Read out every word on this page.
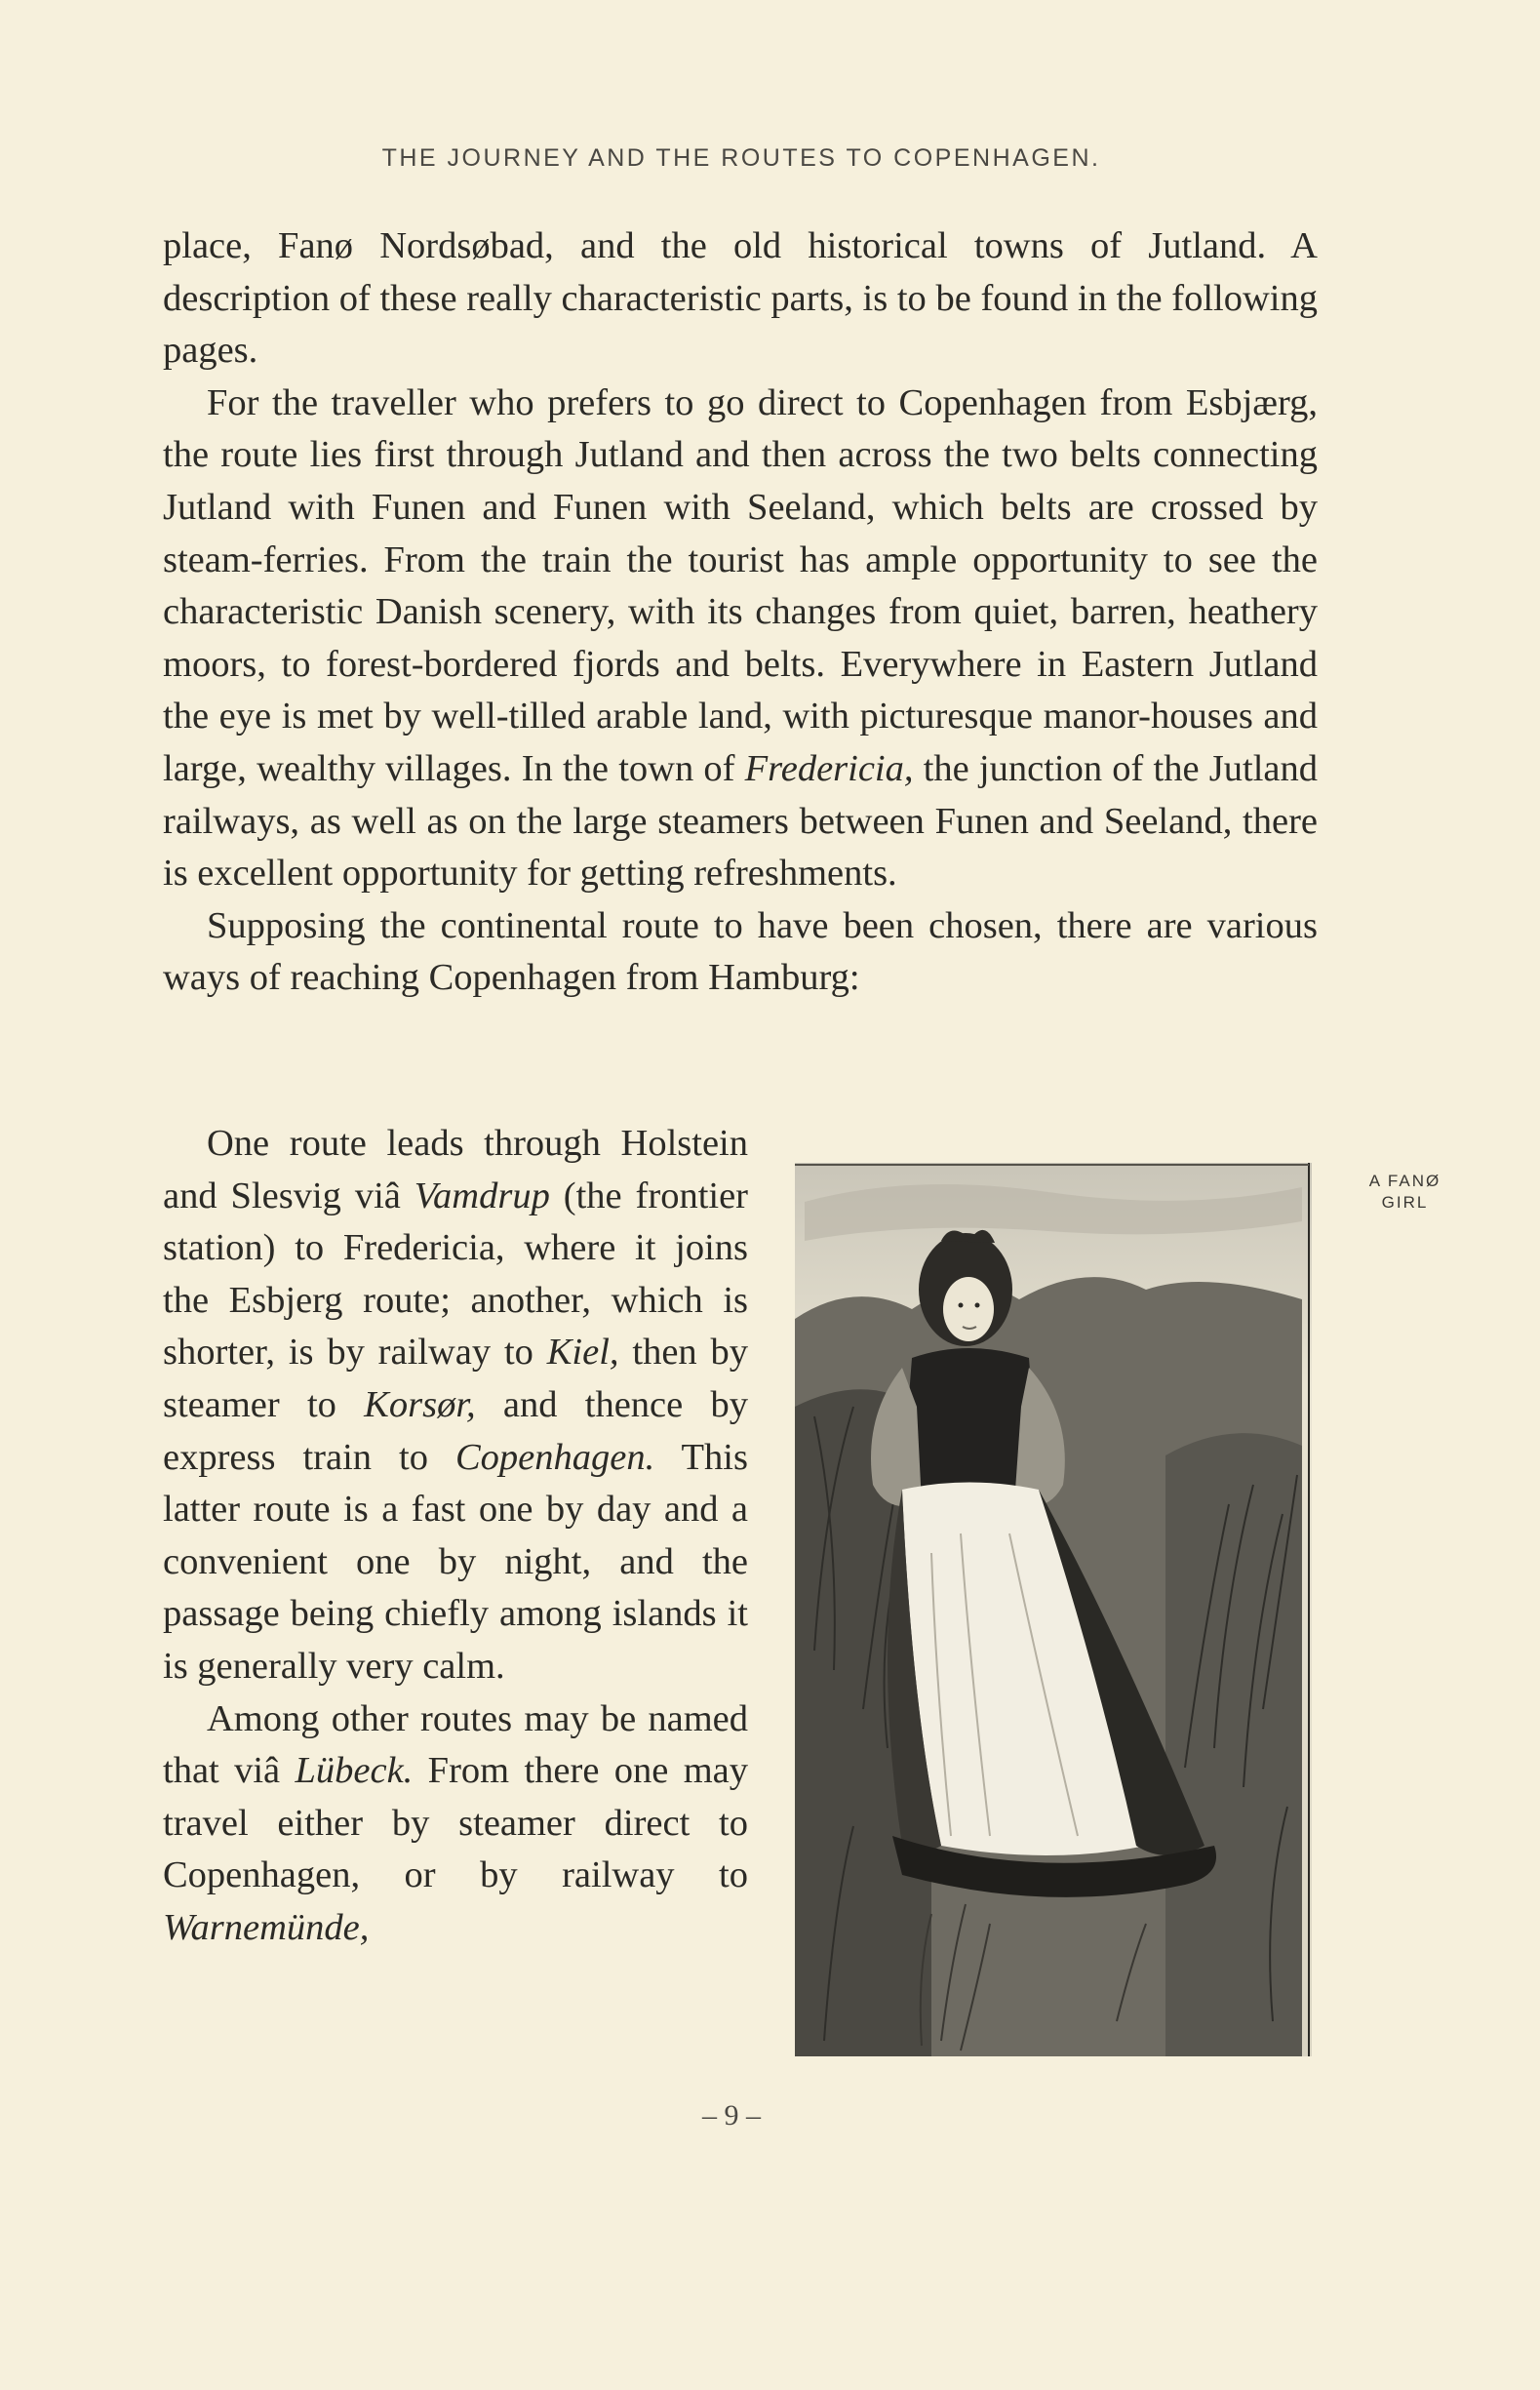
THE JOURNEY AND THE ROUTES TO COPENHAGEN.

place, Fanø Nordsøbad, and the old historical towns of Jutland. A description of these really characteristic parts, is to be found in the following pages.

For the traveller who prefers to go direct to Copenhagen from Esbjærg, the route lies first through Jutland and then across the two belts connecting Jutland with Funen and Funen with Seeland, which belts are crossed by steam-ferries. From the train the tourist has ample opportunity to see the characteristic Danish scenery, with its changes from quiet, barren, heathery moors, to forest-bordered fjords and belts. Everywhere in Eastern Jutland the eye is met by well-tilled arable land, with picturesque manor-houses and large, wealthy villages. In the town of Fredericia, the junction of the Jutland railways, as well as on the large steamers between Funen and Seeland, there is excellent opportunity for getting refreshments.

Supposing the continental route to have been chosen, there are various ways of reaching Copenhagen from Hamburg:

One route leads through Holstein and Slesvig viâ Vamdrup (the frontier station) to Fredericia, where it joins the Esbjerg route; another, which is shorter, is by railway to Kiel, then by steamer to Korsør, and thence by express train to Copenhagen. This latter route is a fast one by day and a convenient one by night, and the passage being chiefly among islands it is generally very calm.

Among other routes may be named that viâ Lübeck. From there one may travel either by steamer direct to Copenhagen, or by railway to Warnemünde,

A FANØ
GIRL
– 9 –
